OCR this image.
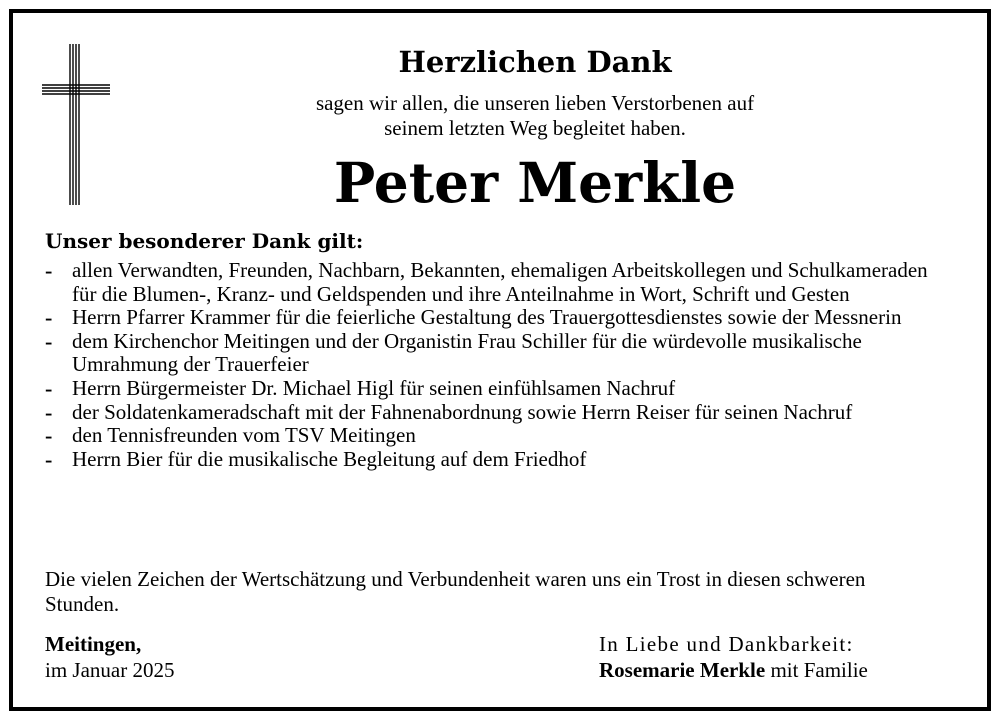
Herzlichen Dank
sagen wir allen, die unseren lieben Verstorbenen auf
seinem letzten Weg begleitet haben.
Peter Merkle
Unser besonderer Dank gilt:
- allen Verwandten, Freunden, Nachbarn, Bekannten, ehemaligen Arbeitskollegen und Schulkameraden für die Blumen-, Kranz- und Geldspenden und ihre Anteilnahme in Wort, Schrift und Gesten
- Herrn Pfarrer Krammer für die feierliche Gestaltung des Trauergottesdienstes sowie der Messnerin
- dem Kirchenchor Meitingen und der Organistin Frau Schiller für die würdevolle musikalische Umrahmung der Trauerfeier
- Herrn Bürgermeister Dr. Michael Higl für seinen einfühlsamen Nachruf
- der Soldatenkameradschaft mit der Fahnenabordnung sowie Herrn Reiser für seinen Nachruf
- den Tennisfreunden vom TSV Meitingen
- Herrn Bier für die musikalische Begleitung auf dem Friedhof
Die vielen Zeichen der Wertschätzung und Verbundenheit waren uns ein Trost in diesen schweren Stunden.
Meitingen,
im Januar 2025
In Liebe und Dankbarkeit:
Rosemarie Merkle mit Familie
